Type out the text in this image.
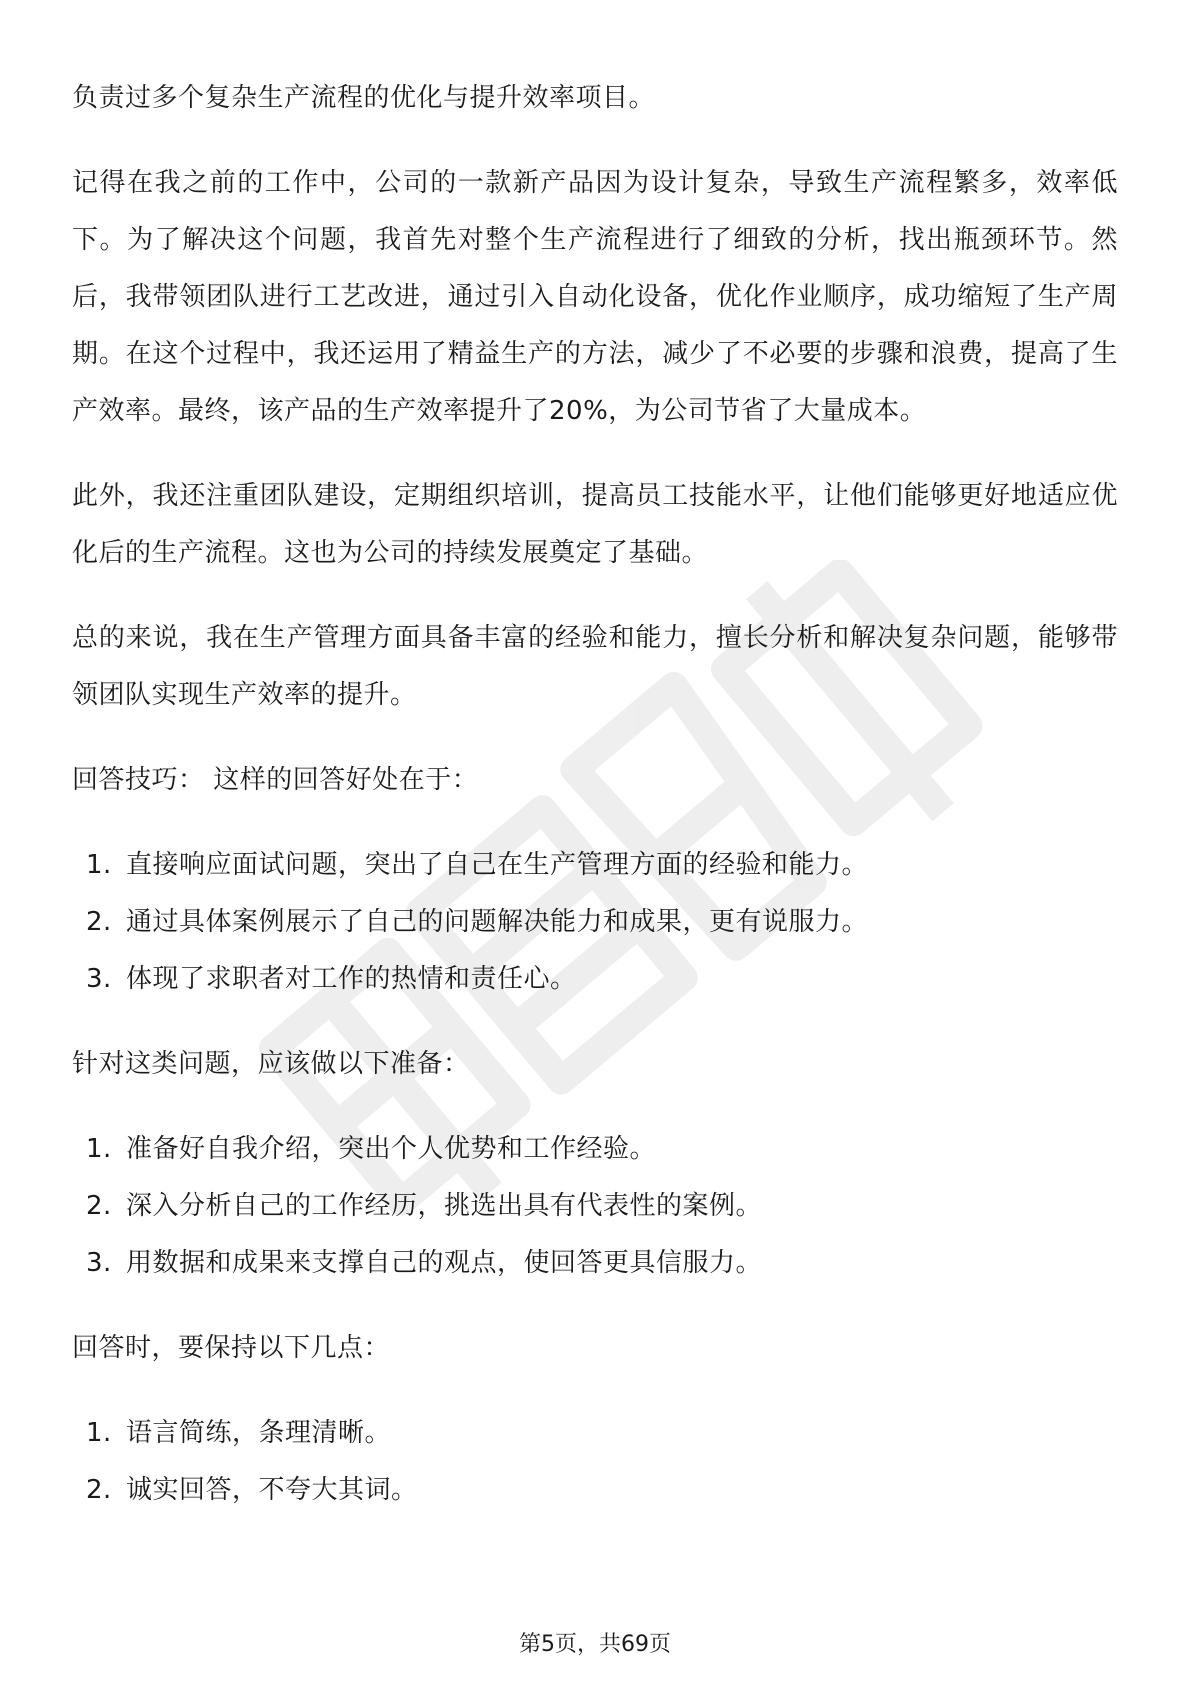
负责过多个复杂生产流程的优化与提升效率项目。

记得在我之前的工作中，公司的一款新产品因为设计复杂，导致生产流程繁多，效率低下。为了解决这个问题，我首先对整个生产流程进行了细致的分析，找出瓶颈环节。然后，我带领团队进行工艺改进，通过引入自动化设备，优化作业顺序，成功缩短了生产周期。在这个过程中，我还运用了精益生产的方法，减少了不必要的步骤和浪费，提高了生产效率。最终，该产品的生产效率提升了20%，为公司节省了大量成本。

此外，我还注重团队建设，定期组织培训，提高员工技能水平，让他们能够更好地适应优化后的生产流程。这也为公司的持续发展奠定了基础。

总的来说，我在生产管理方面具备丰富的经验和能力，擅长分析和解决复杂问题，能够带领团队实现生产效率的提升。

回答技巧： 这样的回答好处在于：

1. 直接响应面试问题，突出了自己在生产管理方面的经验和能力。
2. 通过具体案例展示了自己的问题解决能力和成果，更有说服力。
3. 体现了求职者对工作的热情和责任心。

针对这类问题，应该做以下准备：

1. 准备好自我介绍，突出个人优势和工作经验。
2. 深入分析自己的工作经历，挑选出具有代表性的案例。
3. 用数据和成果来支撑自己的观点，使回答更具信服力。

回答时，要保持以下几点：

1. 语言简练，条理清晰。
2. 诚实回答，不夸大其词。
第5页，共69页
